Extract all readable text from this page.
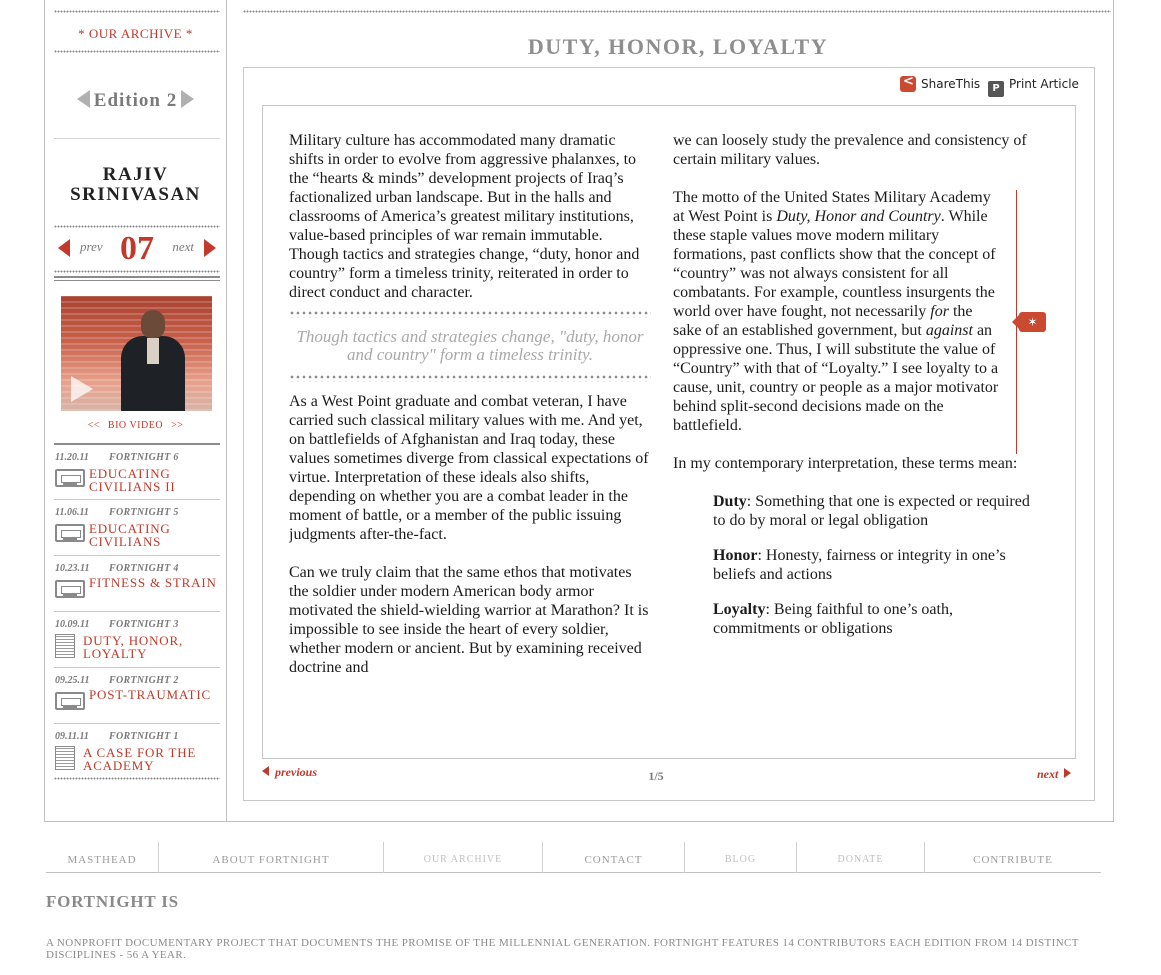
* OUR ARCHIVE *
Edition 2
RAJIV
SRINIVASAN
prev 07	next
<< BIO VIDEO >>
11.20.11 FORTNIGHT 6
EDUCATING CIVILIANS II
11.06.11 FORTNIGHT 5
EDUCATING CIVILIANS
10.23.11 FORTNIGHT 4
FITNESS & STRAIN
10.09.11 FORTNIGHT 3
DUTY, HONOR, LOYALTY
09.25.11 FORTNIGHT 2
POST-TRAUMATIC
09.11.11 FORTNIGHT 1
A CASE FOR THE ACADEMY
DUTY, HONOR, LOYALTY
<ShareThis	P Print Article

Military culture has accommodated many dramatic shifts in order to evolve from aggressive phalanxes, to the “hearts & minds” development projects of Iraq’s factionalized urban landscape. But in the halls and classrooms of America’s greatest military institutions, value-based principles of war remain immutable. Though tactics and strategies change, “duty, honor and country” form a timeless trinity, reiterated in order to direct conduct and character.

Though tactics and strategies change, "duty, honor and country" form a timeless trinity.

As a West Point graduate and combat veteran, I have carried such classical military values with me. And yet, on battlefields of Afghanistan and Iraq today, these values sometimes diverge from classical expectations of virtue. Interpretation of these ideals also shifts, depending on whether you are a combat leader in the moment of battle, or a member of the public issuing judgments after-the-fact.

Can we truly claim that the same ethos that motivates the soldier under modern American body armor motivated the shield-wielding warrior at Marathon? It is impossible to see inside the heart of every soldier, whether modern or ancient. But by examining received doctrine and

we can loosely study the prevalence and consistency of certain military values.

The motto of the United States Military Academy at West Point is Duty, Honor and Country. While these staple values move modern military formations, past conflicts show that the concept of “country” was not always consistent for all combatants. For example, countless insurgents the world over have fought, not necessarily for the sake of an established government, but against an oppressive one. Thus, I will substitute the value of “Country” with that of “Loyalty.” I see loyalty to a cause, unit, country or people as a major motivator behind split-second decisions made on the battlefield.

In my contemporary interpretation, these terms mean:

Duty: Something that one is expected or required to do by moral or legal obligation

Honor: Honesty, fairness or integrity in one’s beliefs and actions

Loyalty: Being faithful to one’s oath, commitments or obligations

✶
previous	1/5	next
MASTHEAD	ABOUT FORTNIGHT	OUR ARCHIVE	CONTACT	BLOG	DONATE	CONTRIBUTE
FORTNIGHT IS
A NONPROFIT DOCUMENTARY PROJECT THAT DOCUMENTS THE PROMISE OF THE MILLENNIAL GENERATION. FORTNIGHT FEATURES 14 CONTRIBUTORS EACH EDITION FROM 14 DISTINCT DISCIPLINES - 56 A YEAR.
